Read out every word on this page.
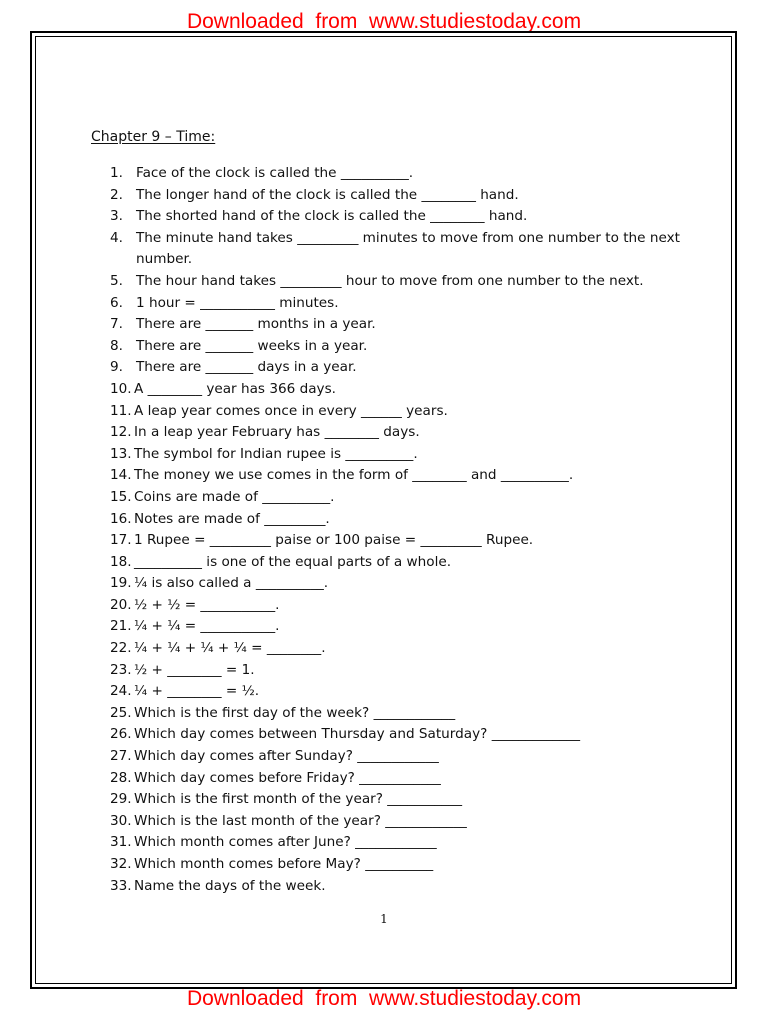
Downloaded  from  www.studiestoday.com
Chapter 9 – Time:
1. Face of the clock is called the __________.
2. The longer hand of the clock is called the ________ hand.
3. The shorted hand of the clock is called the ________ hand.
4. The minute hand takes _________ minutes to move from one number to the next number.
5. The hour hand takes _________ hour to move from one number to the next.
6. 1 hour = ___________ minutes.
7. There are _______ months in a year.
8. There are _______ weeks in a year.
9. There are _______ days in a year.
10. A ________ year has 366 days.
11. A leap year comes once in every ______ years.
12. In a leap year February has ________ days.
13. The symbol for Indian rupee is __________.
14. The money we use comes in the form of ________ and __________.
15. Coins are made of __________.
16. Notes are made of _________.
17. 1 Rupee = _________ paise or 100 paise = _________ Rupee.
18. __________ is one of the equal parts of a whole.
19. ¼ is also called a __________.
20. ½ + ½ = ___________.
21. ¼ + ¼ = ___________.
22. ¼ + ¼ + ¼ + ¼ = ________.
23. ½ + ________ = 1.
24. ¼ + ________ = ½.
25. Which is the first day of the week? ____________
26. Which day comes between Thursday and Saturday? _____________
27. Which day comes after Sunday? ____________
28. Which day comes before Friday? ____________
29. Which is the first month of the year? ___________
30. Which is the last month of the year? ____________
31. Which month comes after June? ____________
32. Which month comes before May? __________
33. Name the days of the week.
1
Downloaded  from  www.studiestoday.com
